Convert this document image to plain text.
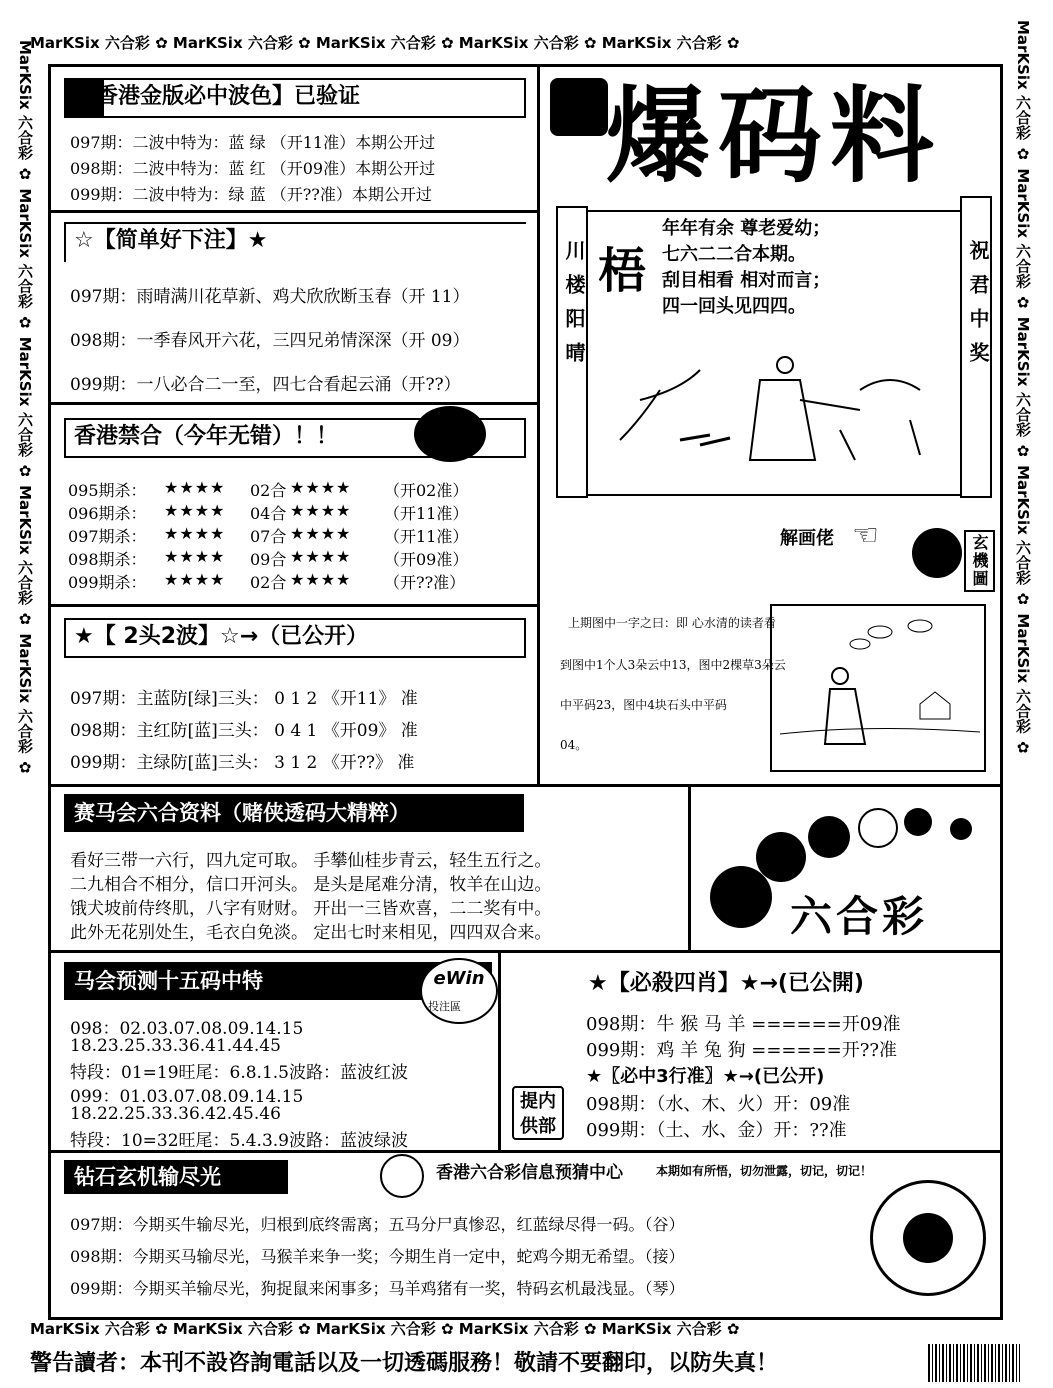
MarKSix 六合彩 ✿ MarKSix 六合彩 ✿ MarKSix 六合彩 ✿ MarKSix 六合彩 ✿ MarKSix 六合彩 ✿
MarKSix 六合彩 ✿ MarKSix 六合彩 ✿ MarKSix 六合彩 ✿ MarKSix 六合彩 ✿ MarKSix 六合彩 ✿
MarKSix 六合彩 ✿ MarKSix 六合彩 ✿ MarKSix 六合彩 ✿ MarKSix 六合彩 ✿ MarKSix 六合彩 ✿	MarKSix 六合彩 ✿ MarKSix 六合彩 ✿ MarKSix 六合彩 ✿ MarKSix 六合彩 ✿ MarKSix 六合彩 ✿
【香港金版必中波色】已验证
097期：二波中特为：蓝 绿 （开11准）本期公开过
098期：二波中特为：蓝 红 （开09准）本期公开过
099期：二波中特为：绿 蓝 （开??准）本期公开过
☆【简单好下注】★
097期：雨晴满川花草新、鸡犬欣欣断玉春（开 11）
098期：一季春风开六花，三四兄弟情深深（开 09）
099期：一八必合二一至，四七合看起云涌（开??）
香港禁合（今年无错）！！
095期杀： ★★★★ 02合 ★★★★ （开02准）
096期杀： ★★★★ 04合 ★★★★ （开11准）
097期杀： ★★★★ 07合 ★★★★ （开11准）
098期杀： ★★★★ 09合 ★★★★ （开09准）
099期杀： ★★★★ 02合 ★★★★ （开??准）
★【 2头2波】☆→（已公开）
097期：主蓝防[绿]三头： 0 1 2 《开11》 准
098期：主红防[蓝]三头： 0 4 1 《开09》 准
099期：主绿防[蓝]三头： 3 1 2 《开??》 准
爆码料
川楼阳晴	祝君中奖
梧
年年有余 尊老爱幼；
七六二二合本期。
刮目相看 相对而言；
四一回头见四四。
解画佬 ☜	玄機圖
上期图中一字之曰：即 心水清的读者看
到图中1个人3朵云中13，图中2棵草3朵云
中平码23，图中4块石头中平码
04。
赛马会六合资料（赌侠透码大精粹）
看好三带一六行，四九定可取。 手攀仙桂步青云，轻生五行之。
二九相合不相分，信口开河头。 是头是尾难分清，牧羊在山边。
饿犬坡前侍终肌，八字有财财。 开出一三皆欢喜，二二奖有中。
此外无花别处生，毛衣白免淡。 定出七时来相见，四四双合来。	六合彩
马会预测十五码中特	eWin
投注區
098：02.03.07.08.09.14.15
18.23.25.33.36.41.44.45
特段：01=19旺尾：6.8.1.5波路：蓝波红波
099：01.03.07.08.09.14.15
18.22.25.33.36.42.45.46
特段：10=32旺尾：5.4.3.9波路：蓝波绿波
★【必殺四肖】★→(已公開)
098期：牛 猴 马 羊 ======开09准
099期：鸡 羊 兔 狗 ======开??准
★〖必中3行准〗★→(已公开)
098期：（水、木、火）开：09准
099期：（土、水、金）开：??准
提内供部
钻石玄机输尽光	香港六合彩信息预猜中心	本期如有所悟，切勿泄露，切记，切记！
097期：今期买牛输尽光，归根到底终需离；五马分尸真惨忍，红蓝绿尽得一码。（谷）
098期：今期买马输尽光，马猴羊来争一奖；今期生肖一定中，蛇鸡今期无希望。（接）
099期：今期买羊输尽光，狗捉鼠来闲事多；马羊鸡猪有一奖，特码玄机最浅显。（琴）
警告讀者：本刊不設咨詢電話以及一切透碼服務！敬請不要翻印，以防失真！
